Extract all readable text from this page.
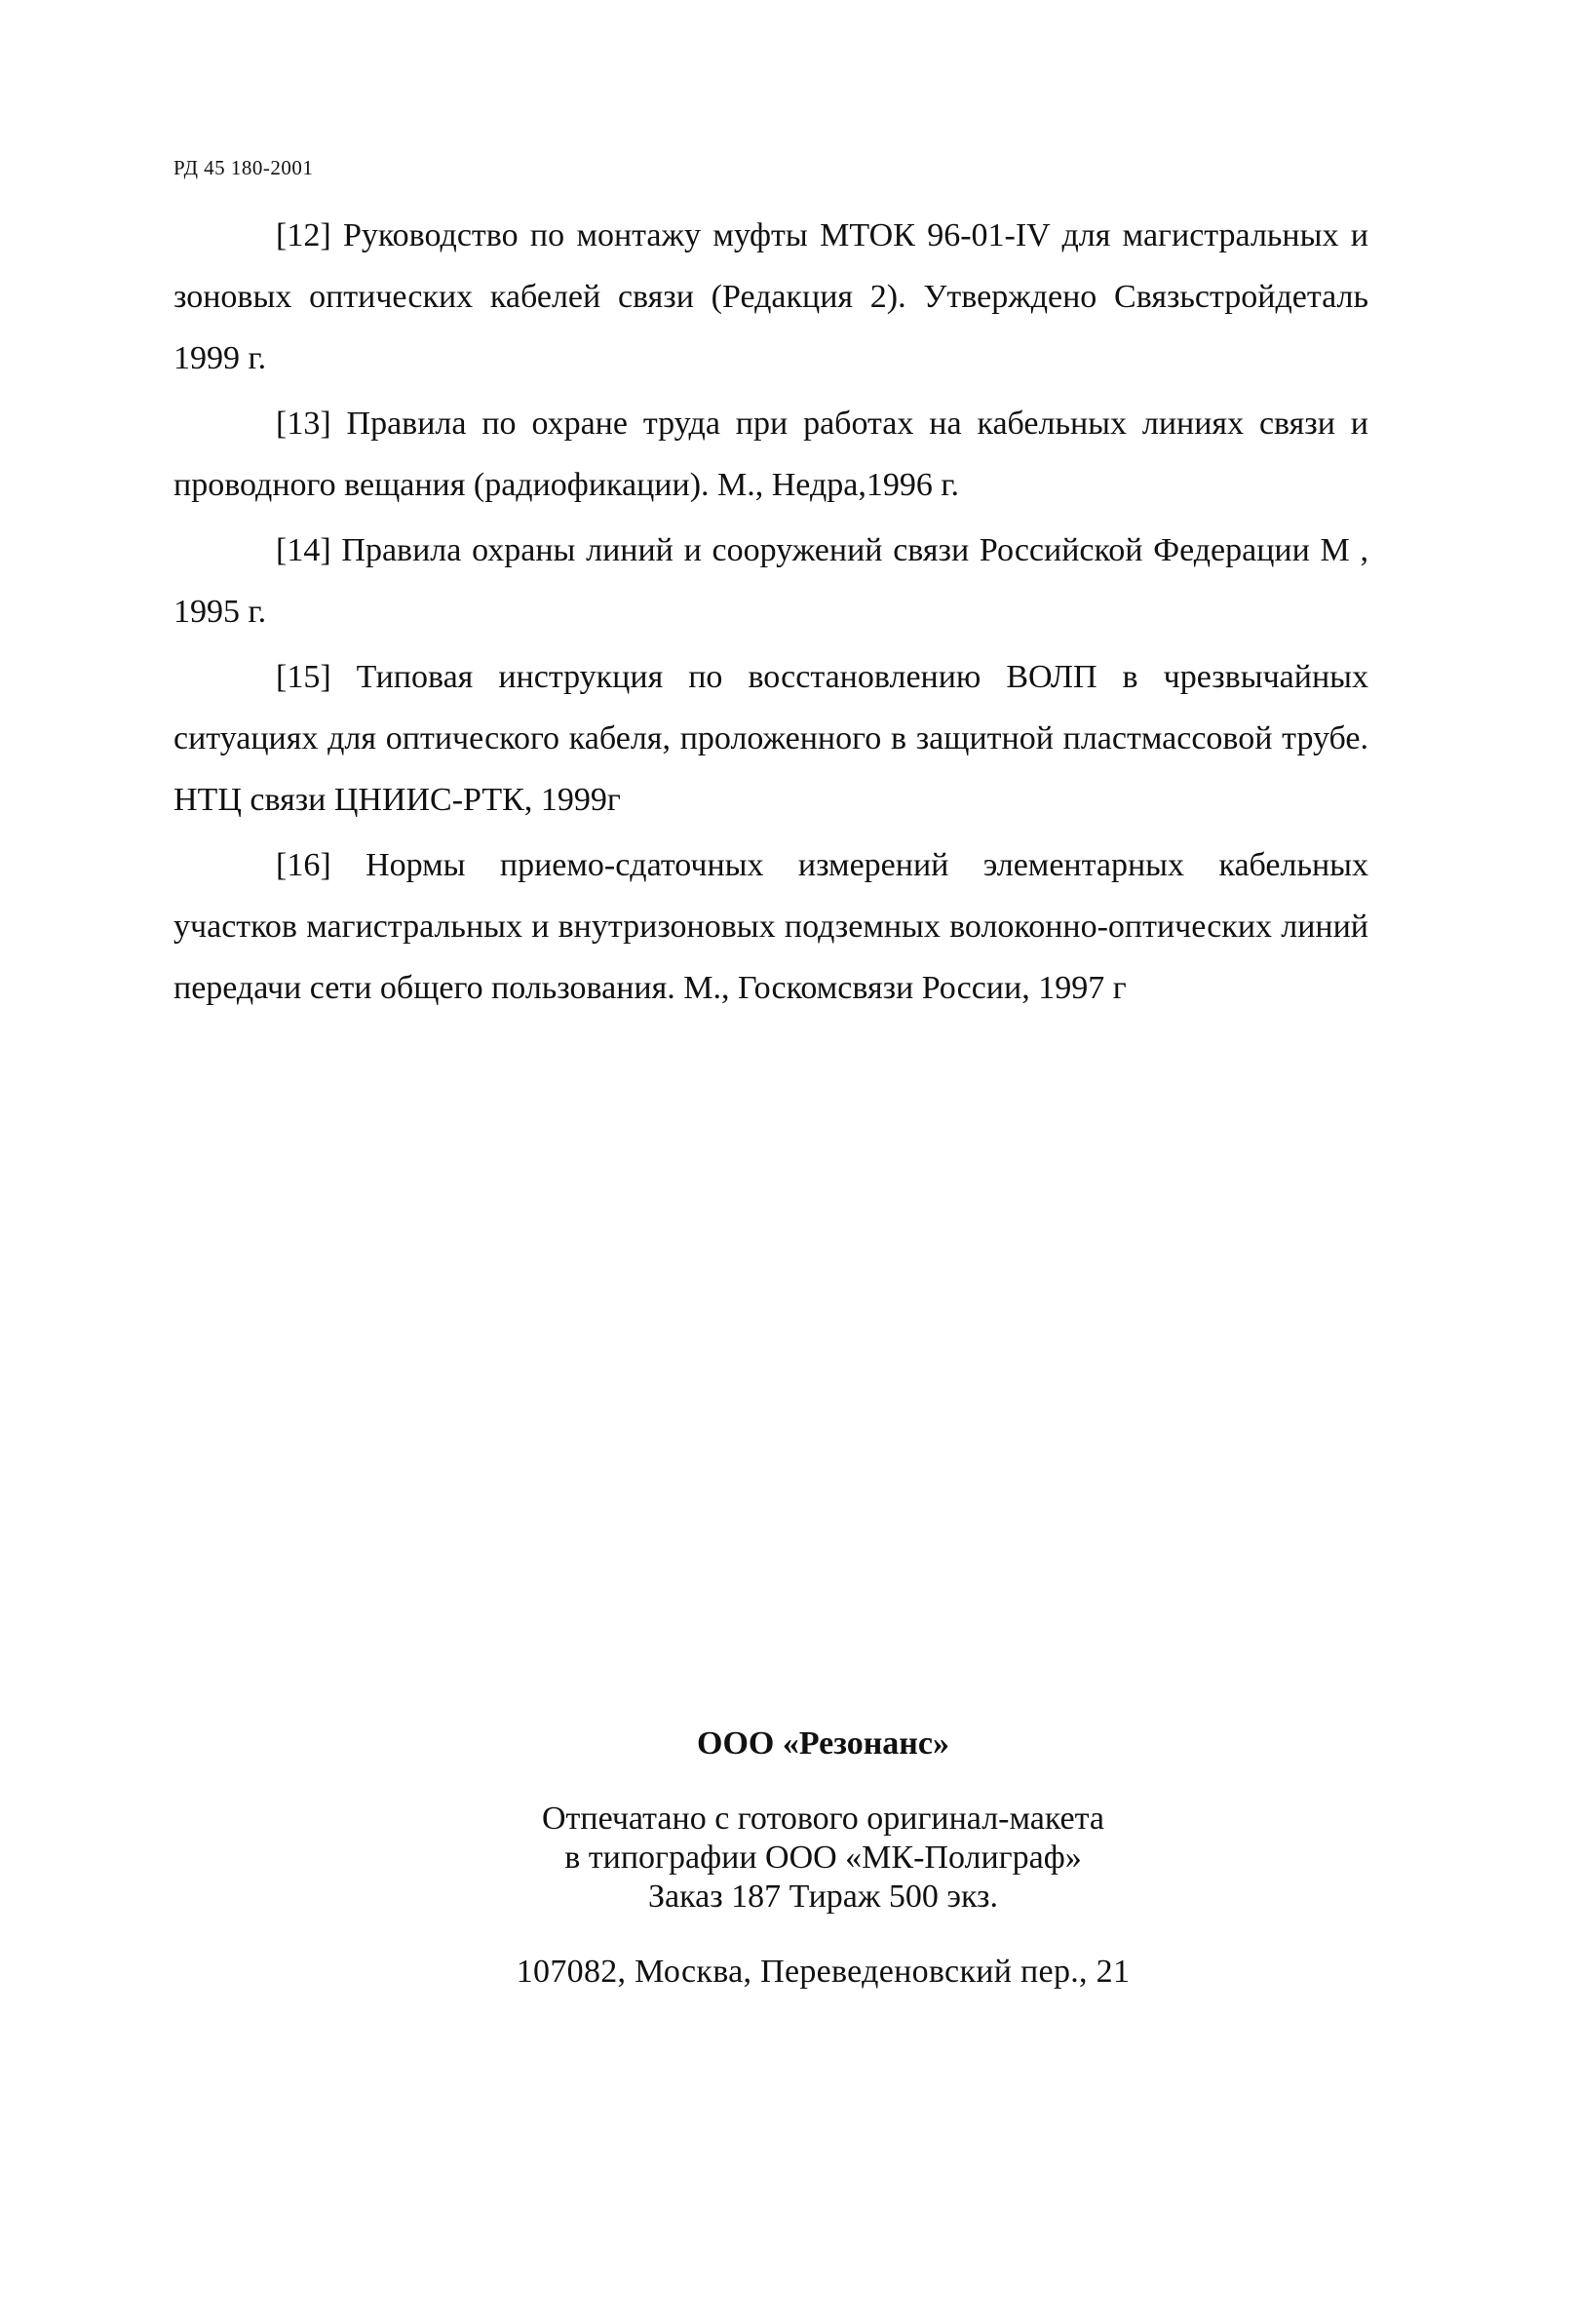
РД 45 180-2001

[12] Руководство по монтажу муфты МТОК 96-01-IV для магистральных и зоновых оптических кабелей связи (Редакция 2). Утверждено Связьстройдеталь 1999 г.

[13] Правила по охране труда при работах на кабельных линиях связи и проводного вещания (радиофикации). М., Недра,1996 г.

[14] Правила охраны линий и сооружений связи Российской Федерации М , 1995 г.

[15] Типовая инструкция по восстановлению ВОЛП в чрезвычайных ситуациях для оптического кабеля, проложенного в защитной пластмассовой трубе. НТЦ связи ЦНИИС-РТК, 1999г

[16] Нормы приемо-сдаточных измерений элементарных кабельных участков магистральных и внутризоновых подземных волоконно-оптических линий передачи сети общего пользования. М., Госкомсвязи России, 1997 г

ООО «Резонанс»
Отпечатано с готового оригинал-макета
в типографии ООО «МК-Полиграф»
Заказ 187 Тираж 500 экз.
107082, Москва, Переведеновский пер., 21
